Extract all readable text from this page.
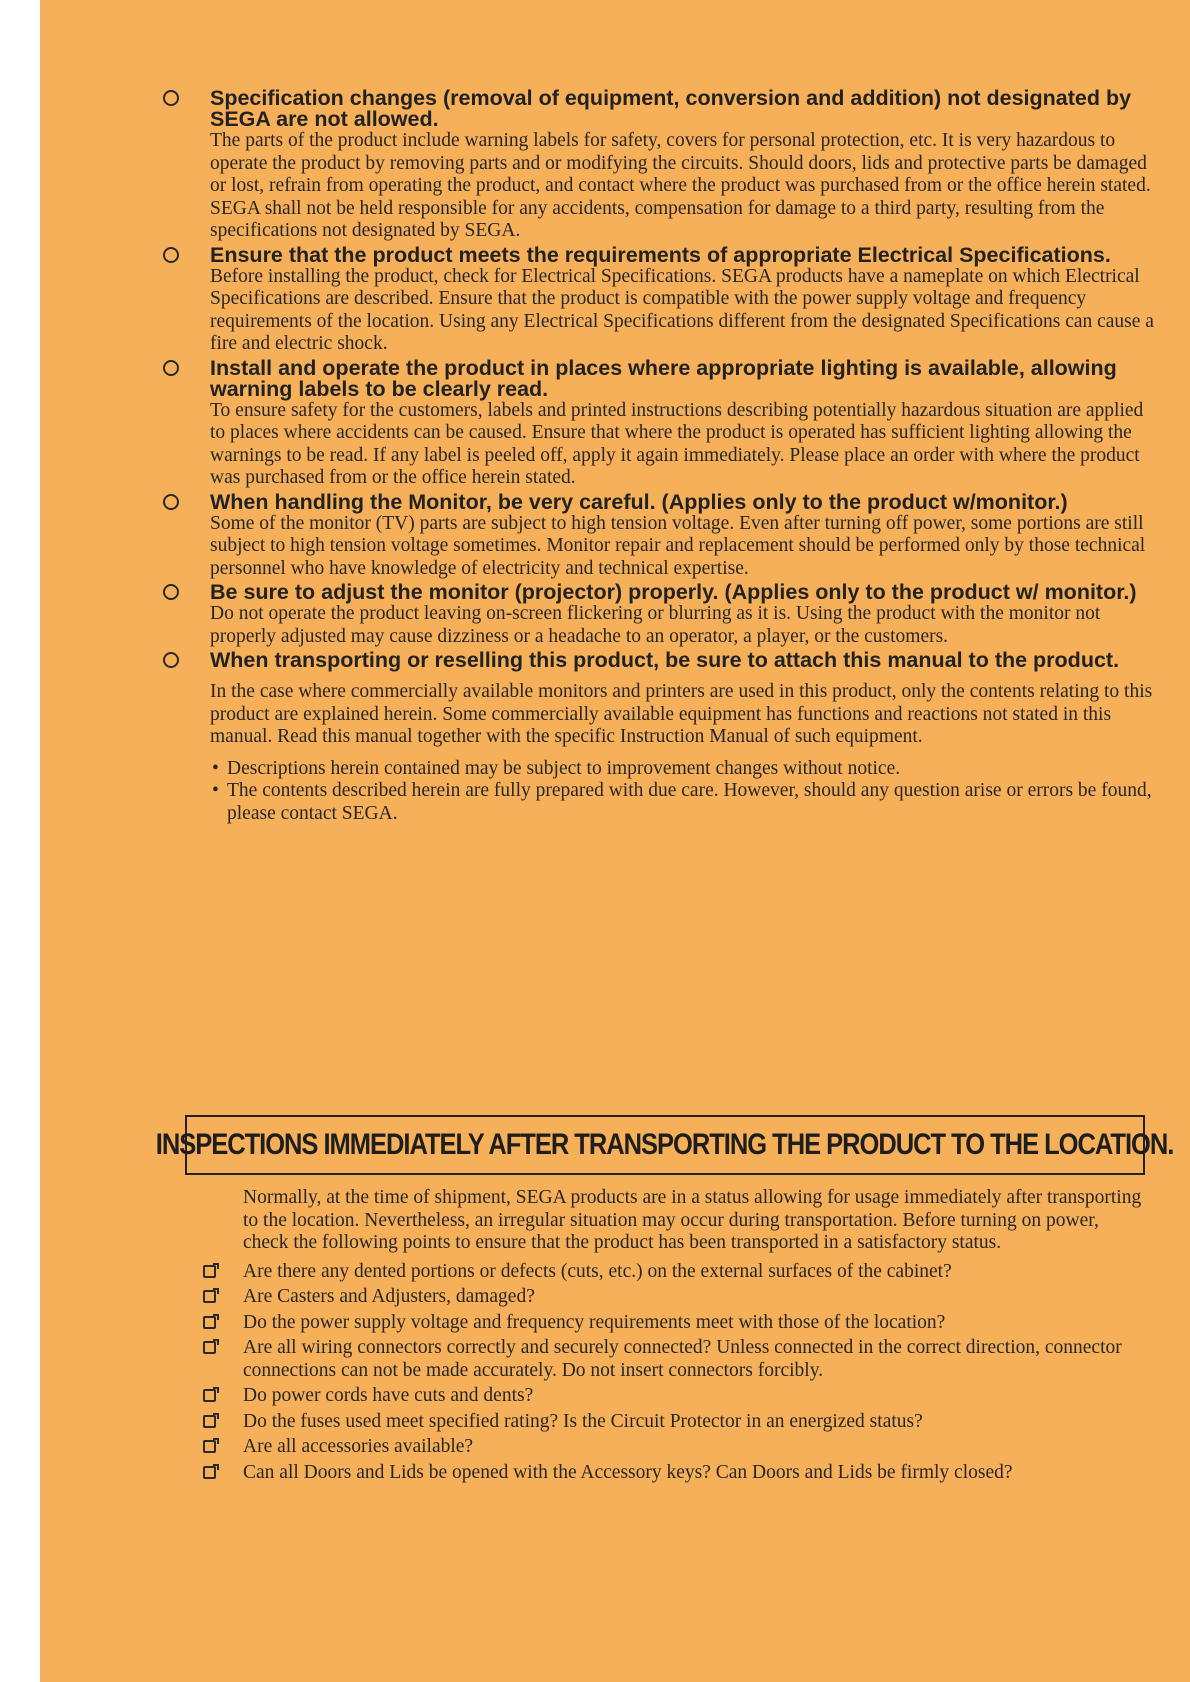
Specification changes (removal of equipment, conversion and addition) not designated by SEGA are not allowed.

The parts of the product include warning labels for safety, covers for personal protection, etc. It is very hazardous to operate the product by removing parts and or modifying the circuits. Should doors, lids and protective parts be damaged or lost, refrain from operating the product, and contact where the product was purchased from or the office herein stated.

SEGA shall not be held responsible for any accidents, compensation for damage to a third party, resulting from the specifications not designated by SEGA.

Ensure that the product meets the requirements of appropriate Electrical Specifications.

Before installing the product, check for Electrical Specifications. SEGA products have a nameplate on which Electrical Specifications are described. Ensure that the product is compatible with the power supply voltage and frequency requirements of the location. Using any Electrical Specifications different from the designated Specifications can cause a fire and electric shock.

Install and operate the product in places where appropriate lighting is available, allowing warning labels to be clearly read.

To ensure safety for the customers, labels and printed instructions describing potentially hazardous situation are applied to places where accidents can be caused. Ensure that where the product is operated has sufficient lighting allowing the warnings to be read. If any label is peeled off, apply it again immediately. Please place an order with where the product was purchased from or the office herein stated.

When handling the Monitor, be very careful. (Applies only to the product w/monitor.)

Some of the monitor (TV) parts are subject to high tension voltage. Even after turning off power, some portions are still subject to high tension voltage sometimes. Monitor repair and replacement should be performed only by those technical personnel who have knowledge of electricity and technical expertise.

Be sure to adjust the monitor (projector) properly. (Applies only to the product w/ monitor.)

Do not operate the product leaving on-screen flickering or blurring as it is. Using the product with the monitor not properly adjusted may cause dizziness or a headache to an operator, a player, or the customers.

When transporting or reselling this product, be sure to attach this manual to the product.

In the case where commercially available monitors and printers are used in this product, only the contents relating to this product are explained herein. Some commercially available equipment has functions and reactions not stated in this manual. Read this manual together with the specific Instruction Manual of such equipment.

• Descriptions herein contained may be subject to improvement changes without notice.
• The contents described herein are fully prepared with due care. However, should any question arise or errors be found, please contact SEGA.
INSPECTIONS IMMEDIATELY AFTER TRANSPORTING THE PRODUCT TO THE LOCATION.

Normally, at the time of shipment, SEGA products are in a status allowing for usage immediately after transporting to the location. Nevertheless, an irregular situation may occur during transportation. Before turning on power, check the following points to ensure that the product has been transported in a satisfactory status.

Are there any dented portions or defects (cuts, etc.) on the external surfaces of the cabinet?
Are Casters and Adjusters, damaged?
Do the power supply voltage and frequency requirements meet with those of the location?
Are all wiring connectors correctly and securely connected? Unless connected in the correct direction, connector connections can not be made accurately. Do not insert connectors forcibly.
Do power cords have cuts and dents?
Do the fuses used meet specified rating? Is the Circuit Protector in an energized status?
Are all accessories available?
Can all Doors and Lids be opened with the Accessory keys? Can Doors and Lids be firmly closed?
